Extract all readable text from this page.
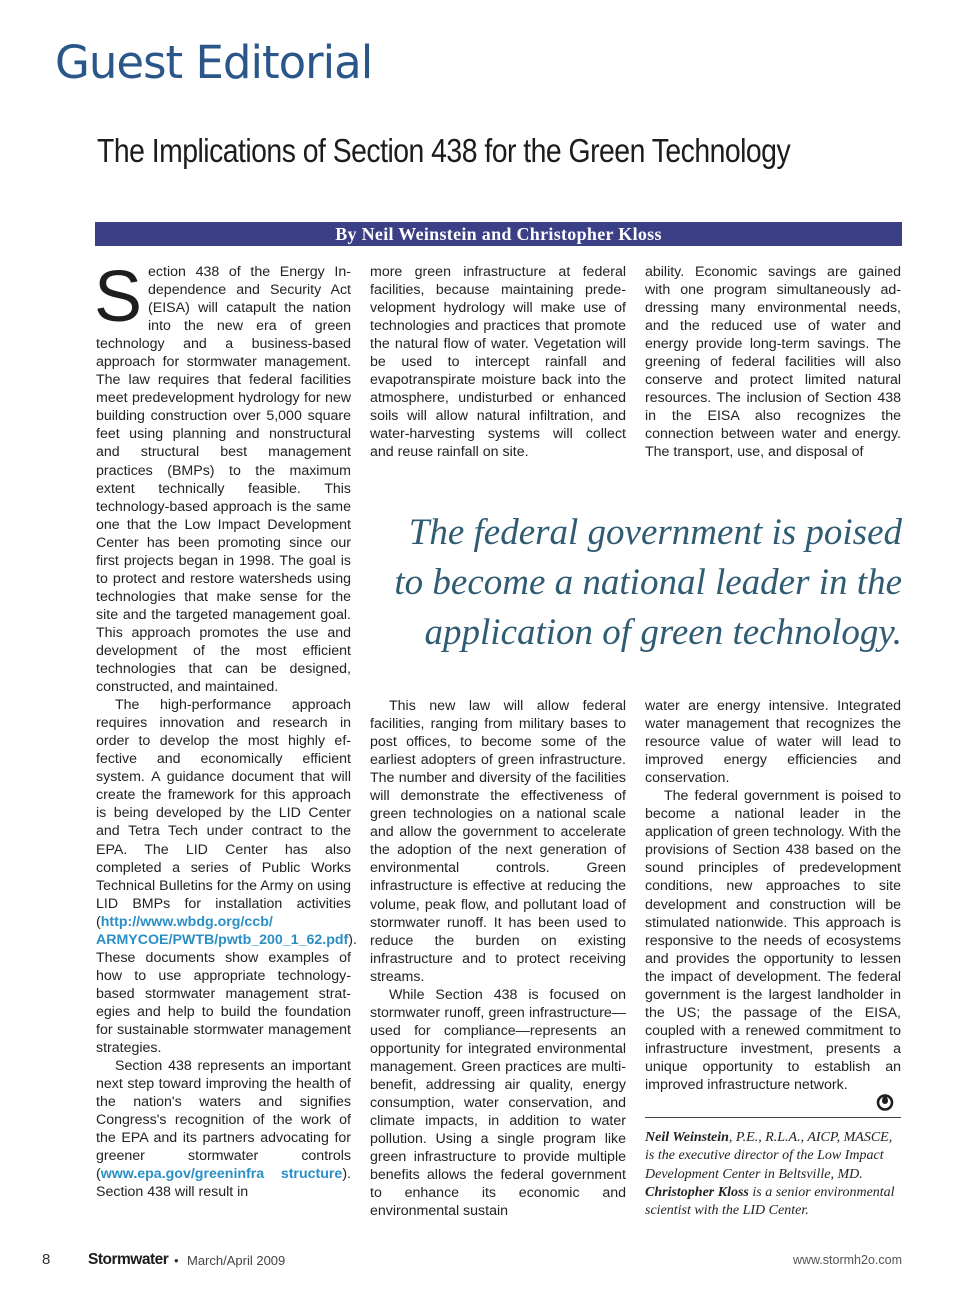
Guest Editorial
The Implications of Section 438 for the Green Technology
By Neil Weinstein and Christopher Kloss

Section 438 of the Energy Independence and Security Act (EISA) will catapult the nation into the new era of green technology and a business-based approach for stormwater management. The law requires that federal facilities meet predevelopment hydrology for new building construction over 5,000 square feet using planning and nonstructural and structural best management practices (BMPs) to the maximum extent technically feasible. This technology-based approach is the same one that the Low Impact Development Center has been promoting since our first projects began in 1998. The goal is to protect and restore watersheds using technologies that make sense for the site and the targeted management goal. This approach promotes the use and development of the most efficient technologies that can be designed, constructed, and maintained.

The high-performance approach requires innovation and research in order to develop the most highly effective and economically efficient system. A guidance document that will create the framework for this approach is being developed by the LID Center and Tetra Tech under contract to the EPA. The LID Center has also completed a series of Public Works Technical Bulletins for the Army on using LID BMPs for installation activities (http://www.wbdg.org/ccb/ ARMYCOE/PWTB/pwtb_200_1_62.pdf). These documents show examples of how to use appropriate technology-based stormwater management strategies and help to build the foundation for sustainable stormwater management strategies.

Section 438 represents an important next step toward improving the health of the nation's waters and signifies Congress's recognition of the work of the EPA and its partners advocating for greener stormwater controls (www.epa.gov/greeninfra structure). Section 438 will result in

more green infrastructure at federal facilities, because maintaining predevelopment hydrology will make use of technologies and practices that promote the natural flow of water. Vegetation will be used to intercept rainfall and evapotranspirate moisture back into the atmosphere, undisturbed or enhanced soils will allow natural infiltration, and water-harvesting systems will collect and reuse rainfall on site.

ability. Economic savings are gained with one program simultaneously addressing many environmental needs, and the reduced use of water and energy provide long-term savings. The greening of federal facilities will also conserve and protect limited natural resources. The inclusion of Section 438 in the EISA also recognizes the connection between water and energy. The transport, use, and disposal of

The federal government is poised to become a national leader in the application of green technology.

This new law will allow federal facilities, ranging from military bases to post offices, to become some of the earliest adopters of green infrastructure. The number and diversity of the facilities will demonstrate the effectiveness of green technologies on a national scale and allow the government to accelerate the adoption of the next generation of environmental controls. Green infrastructure is effective at reducing the volume, peak flow, and pollutant load of stormwater runoff. It has been used to reduce the burden on existing infrastructure and to protect receiving streams.

While Section 438 is focused on stormwater runoff, green infrastructure—used for compliance—represents an opportunity for integrated environmental management. Green practices are multi-benefit, addressing air quality, energy consumption, water conservation, and climate impacts, in addition to water pollution. Using a single program like green infrastructure to provide multiple benefits allows the federal government to enhance its economic and environmental sustain

water are energy intensive. Integrated water management that recognizes the resource value of water will lead to improved energy efficiencies and conservation.

The federal government is poised to become a national leader in the application of green technology. With the provisions of Section 438 based on the sound principles of predevelopment conditions, new approaches to site development and construction will be stimulated nationwide. This approach is responsive to the needs of ecosystems and provides the opportunity to lessen the impact of development. The federal government is the largest landholder in the US; the passage of the EISA, coupled with a renewed commitment to infrastructure investment, presents a unique opportunity to establish an improved infrastructure network.

Neil Weinstein, P.E., R.L.A., AICP, MASCE, is the executive director of the Low Impact Development Center in Beltsville, MD. Christopher Kloss is a senior environmental scientist with the LID Center.

8 Stormwater • March/April 2009	www.stormh2o.com
